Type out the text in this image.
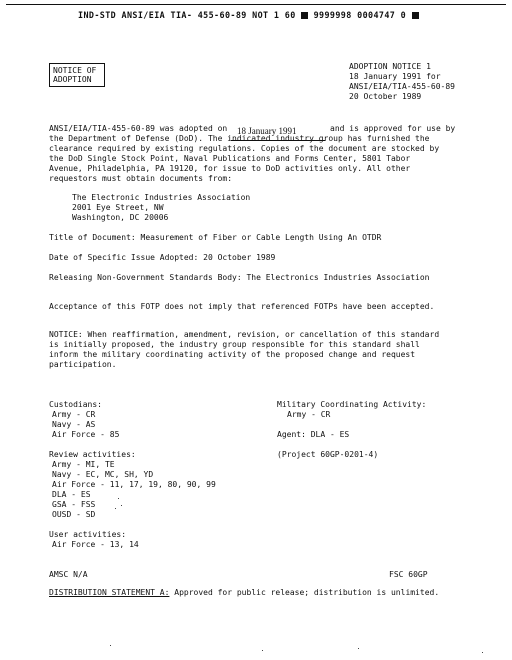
IND-STD ANSI/EIA TIA- 455-60-89 NOT 1 60 9999998 0004747 0
NOTICE OF
ADOPTION
ADOPTION NOTICE 1
18 January 1991 for
ANSI/EIA/TIA-455-60-89
20 October 1989
ANSI/EIA/TIA-455-60-89 was adopted on 18 January 1991	and is approved for use by
the Department of Defense (DoD). The indicated industry group has furnished the
clearance required by existing regulations. Copies of the document are stocked by
the DoD Single Stock Point, Naval Publications and Forms Center, 5801 Tabor
Avenue, Philadelphia, PA 19120, for issue to DoD activities only. All other
requestors must obtain documents from:
The Electronic Industries Association
2001 Eye Street, NW
Washington, DC 20006
Title of Document: Measurement of Fiber or Cable Length Using An OTDR
Date of Specific Issue Adopted: 20 October 1989
Releasing Non-Government Standards Body: The Electronics Industries Association
Acceptance of this FOTP does not imply that referenced FOTPs have been accepted.
NOTICE: When reaffirmation, amendment, revision, or cancellation of this standard
is initially proposed, the industry group responsible for this standard shall
inform the military coordinating activity of the proposed change and request
participation.
Custodians:
Army - CR
Navy - AS
Air Force - 85
Military Coordinating Activity:
Army - CR
Agent: DLA - ES
(Project 60GP-0201-4)
Review activities:
Army - MI, TE
Navy - EC, MC, SH, YD
Air Force - 11, 17, 19, 80, 90, 99
DLA - ES
GSA - FSS
OUSD - SD
User activities:
Air Force - 13, 14
AMSC N/A	FSC 60GP
DISTRIBUTION STATEMENT A: Approved for public release; distribution is unlimited.
